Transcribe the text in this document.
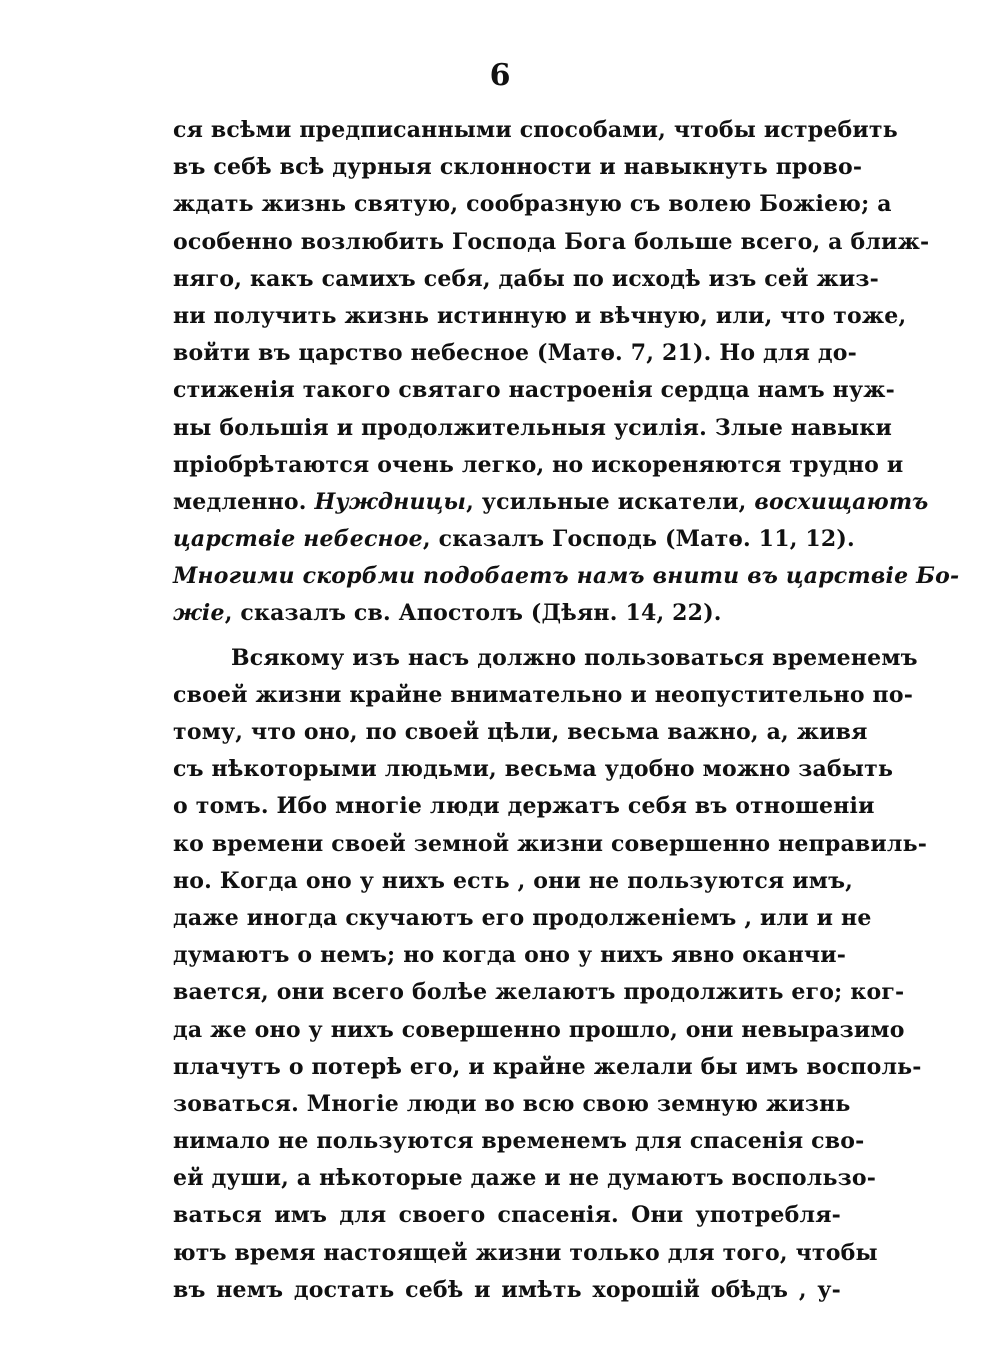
6
ся всѣми предписанными способами, чтобы истребить
въ себѣ всѣ дурныя склонности и навыкнуть прово-
ждать жизнь святую, сообразную съ волею Божіею; а
особенно возлюбить Господа Бога больше всего, а ближ-
няго, какъ самихъ себя, дабы по исходѣ изъ сей жиз-
ни получить жизнь истинную и вѣчную, или, что тоже,
войти въ царство небесное (Матѳ. 7, 21). Но для до-
стиженія такого святаго настроенія сердца намъ нуж-
ны большія и продолжительныя усилія. Злые навыки
пріобрѣтаются очень легко, но искореняются трудно и
медленно. Нуждницы, усильные искатели, восхищаютъ
царствіе небесное, сказалъ Господь (Матѳ. 11, 12).
Многими скорбми подобаетъ намъ внити въ царствіе Бо-
жіе, сказалъ св. Апостолъ (Дѣян. 14, 22).
Всякому изъ насъ должно пользоваться временемъ
своей жизни крайне внимательно и неопустительно по-
тому, что оно, по своей цѣли, весьма важно, а, живя
съ нѣкоторыми людьми, весьма удобно можно забыть
о томъ. Ибо многіе люди держатъ себя въ отношеніи
ко времени своей земной жизни совершенно неправиль-
но. Когда оно у нихъ есть , они не пользуются имъ,
даже иногда скучаютъ его продолженіемъ , или и не
думаютъ о немъ; но когда оно у нихъ явно оканчи-
вается, они всего болѣе желаютъ продолжить его; ког-
да же оно у нихъ совершенно прошло, они невыразимо
плачутъ о потерѣ его, и крайне желали бы имъ восполь-
зоваться. Многіе люди во всю свою земную жизнь
нимало не пользуются временемъ для спасенія сво-
ей души, а нѣкоторые даже и не думаютъ воспользо-
ваться имъ для своего спасенія. Они употребля-
ютъ время настоящей жизни только для того, чтобы
въ немъ достать себѣ и имѣть хорошій обѣдъ , у-
